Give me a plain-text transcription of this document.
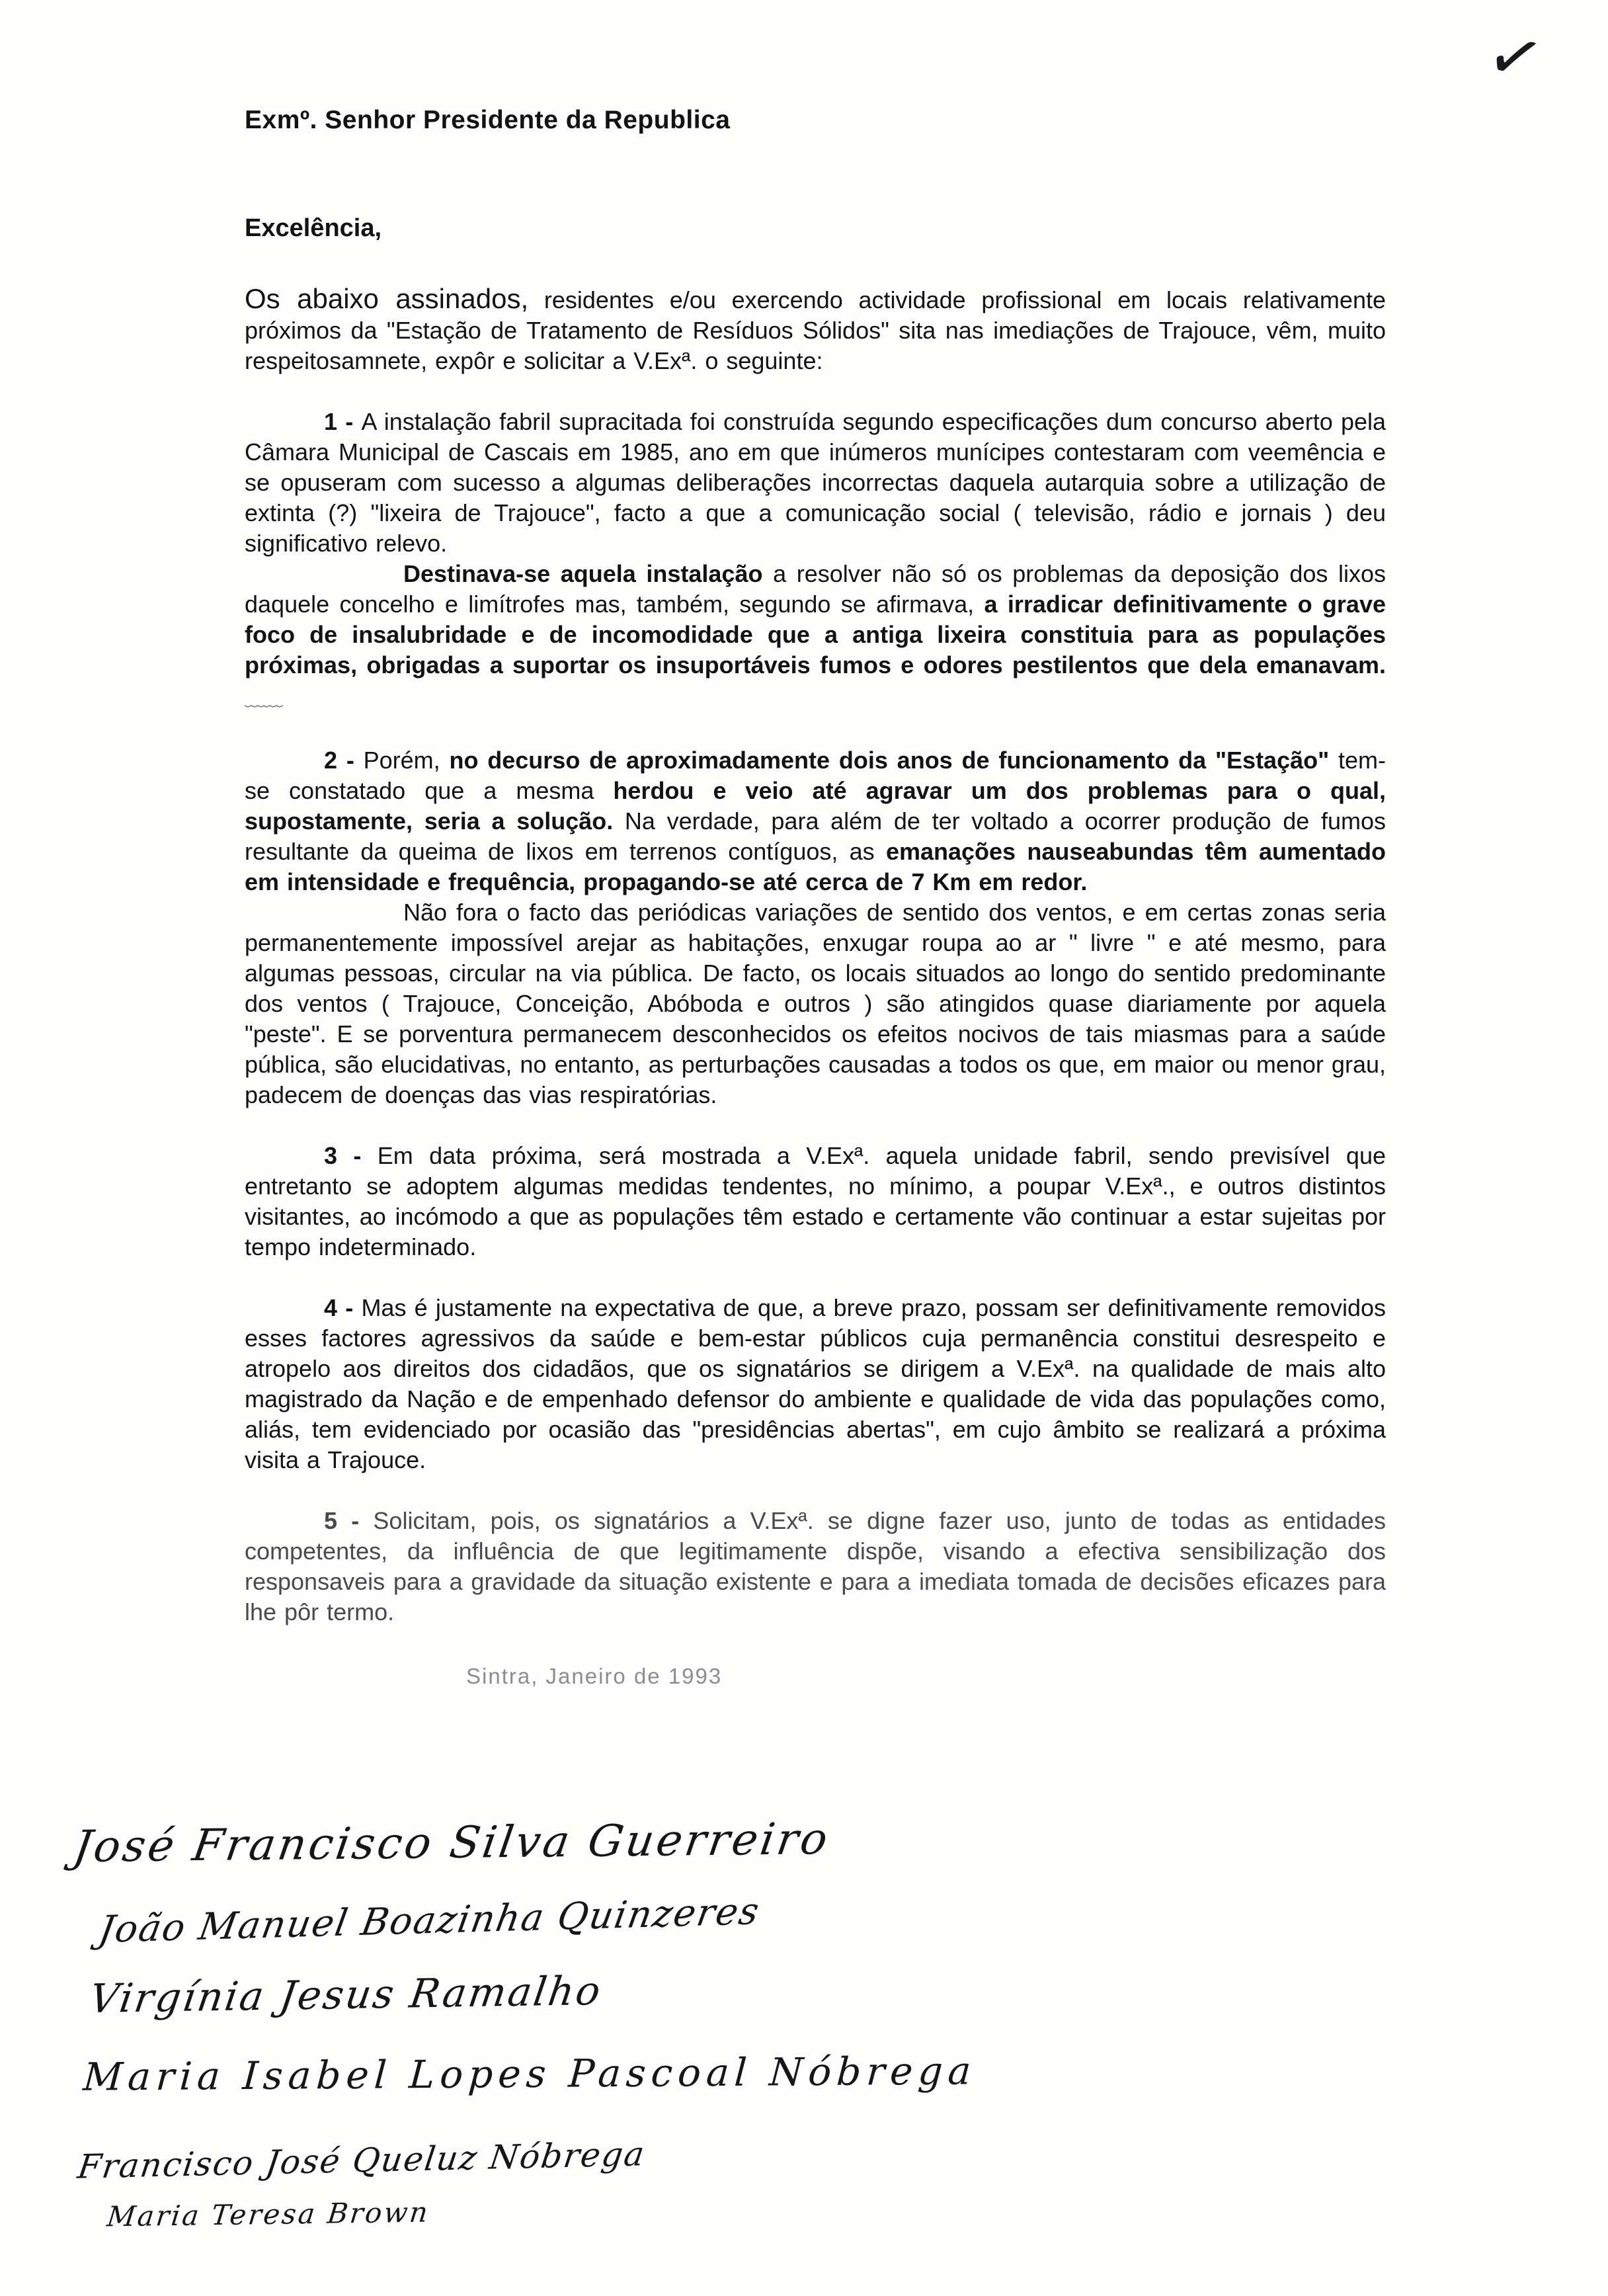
Exmº. Senhor Presidente da Republica
Excelência,

Os abaixo assinados, residentes e/ou exercendo actividade profissional em locais relativamente próximos da "Estação de Tratamento de Resíduos Sólidos" sita nas imediações de Trajouce, vêm, muito respeitosamnete, expôr e solicitar a V.Exª. o seguinte:

1 - A instalação fabril supracitada foi construída segundo especificações dum concurso aberto pela Câmara Municipal de Cascais em 1985, ano em que inúmeros munícipes contestaram com veemência e se opuseram com sucesso a algumas deliberações incorrectas daquela autarquia sobre a utilização de extinta (?) "lixeira de Trajouce", facto a que a comunicação social ( televisão, rádio e jornais ) deu significativo relevo.

Destinava-se aquela instalação a resolver não só os problemas da deposição dos lixos daquele concelho e limítrofes mas, também, segundo se afirmava, a irradicar definitivamente o grave foco de insalubridade e de incomodidade que a antiga lixeira constituia para as populações próximas, obrigadas a suportar os insuportáveis fumos e odores pestilentos que dela emanavam. ﹏﹏

2 - Porém, no decurso de aproximadamente dois anos de funcionamento da "Estação" tem-se constatado que a mesma herdou e veio até agravar um dos problemas para o qual, supostamente, seria a solução. Na verdade, para além de ter voltado a ocorrer produção de fumos resultante da queima de lixos em terrenos contíguos, as emanações nauseabundas têm aumentado em intensidade e frequência, propagando-se até cerca de 7 Km em redor.

Não fora o facto das periódicas variações de sentido dos ventos, e em certas zonas seria permanentemente impossível arejar as habitações, enxugar roupa ao ar " livre " e até mesmo, para algumas pessoas, circular na via pública. De facto, os locais situados ao longo do sentido predominante dos ventos ( Trajouce, Conceição, Abóboda e outros ) são atingidos quase diariamente por aquela "peste". E se porventura permanecem desconhecidos os efeitos nocivos de tais miasmas para a saúde pública, são elucidativas, no entanto, as perturbações causadas a todos os que, em maior ou menor grau, padecem de doenças das vias respiratórias.

3 - Em data próxima, será mostrada a V.Exª. aquela unidade fabril, sendo previsível que entretanto se adoptem algumas medidas tendentes, no mínimo, a poupar V.Exª., e outros distintos visitantes, ao incómodo a que as populações têm estado e certamente vão continuar a estar sujeitas por tempo indeterminado.

4 - Mas é justamente na expectativa de que, a breve prazo, possam ser definitivamente removidos esses factores agressivos da saúde e bem-estar públicos cuja permanência constitui desrespeito e atropelo aos direitos dos cidadãos, que os signatários se dirigem a V.Exª. na qualidade de mais alto magistrado da Nação e de empenhado defensor do ambiente e qualidade de vida das populações como, aliás, tem evidenciado por ocasião das "presidências abertas", em cujo âmbito se realizará a próxima visita a Trajouce.

5 - Solicitam, pois, os signatários a V.Exª. se digne fazer uso, junto de todas as entidades competentes, da influência de que legitimamente dispõe, visando a efectiva sensibilização dos responsaveis para a gravidade da situação existente e para a imediata tomada de decisões eficazes para lhe pôr termo.

Sintra, Janeiro de 1993
José Francisco Silva Guerreiro
João Manuel Boazinha Quinzeres
Virgínia Jesus Ramalho
Maria Isabel Lopes Pascoal Nóbrega
Francisco José Queluz Nóbrega
Maria Teresa Brown
✓
